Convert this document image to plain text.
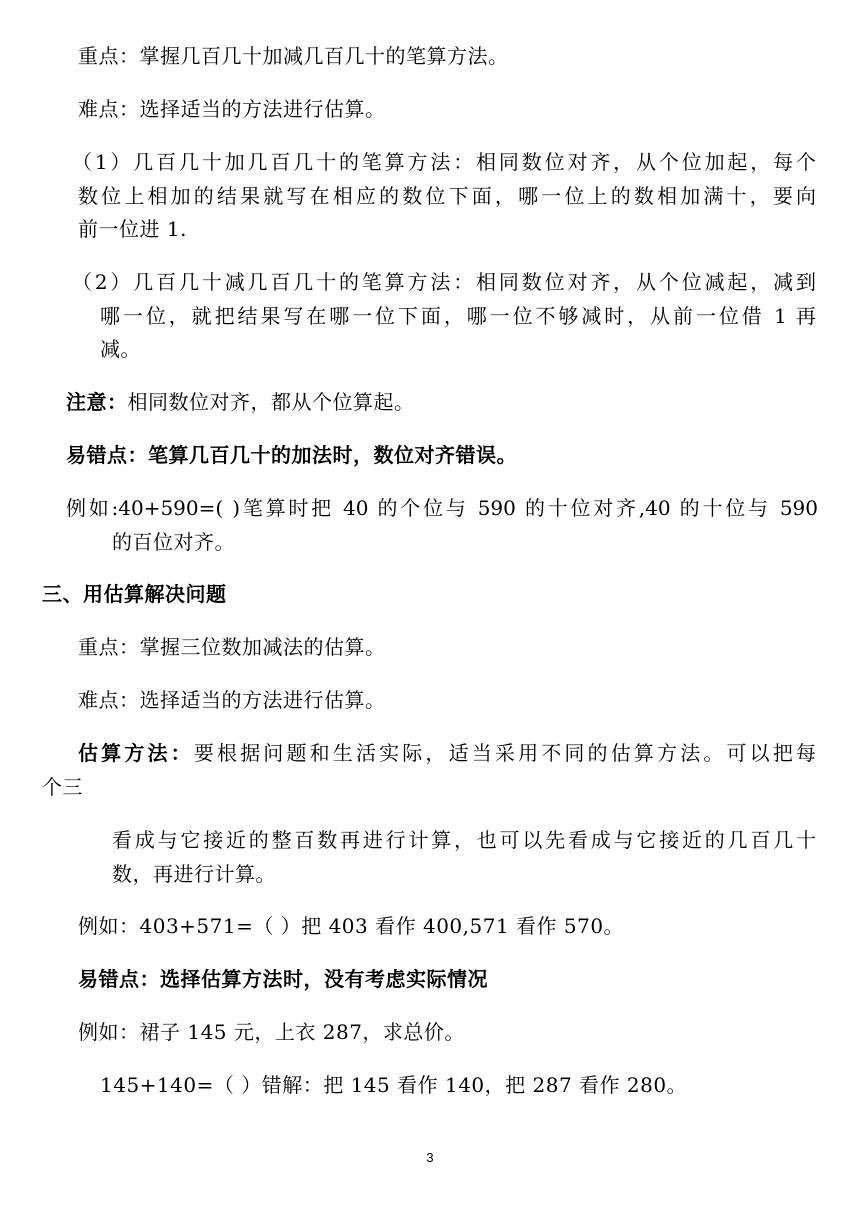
重点：掌握几百几十加减几百几十的笔算方法。
难点：选择适当的方法进行估算。
（1）几百几十加几百几十的笔算方法：相同数位对齐，从个位加起，每个
数位上相加的结果就写在相应的数位下面，哪一位上的数相加满十，要向
前一位进 1.
（2）几百几十减几百几十的笔算方法：相同数位对齐，从个位减起，减到
哪一位，就把结果写在哪一位下面，哪一位不够减时，从前一位借 1 再
减。
注意：相同数位对齐，都从个位算起。
易错点：笔算几百几十的加法时，数位对齐错误。
例如:40+590=( )笔算时把 40 的个位与 590 的十位对齐,40 的十位与 590
的百位对齐。
三、用估算解决问题
重点：掌握三位数加减法的估算。
难点：选择适当的方法进行估算。
估算方法：要根据问题和生活实际，适当采用不同的估算方法。可以把每
个三
看成与它接近的整百数再进行计算，也可以先看成与它接近的几百几十
数，再进行计算。
例如：403+571=（ ）把 403 看作 400,571 看作 570。
易错点：选择估算方法时，没有考虑实际情况
例如：裙子 145 元，上衣 287，求总价。
145+140=（ ）错解：把 145 看作 140，把 287 看作 280。
3
